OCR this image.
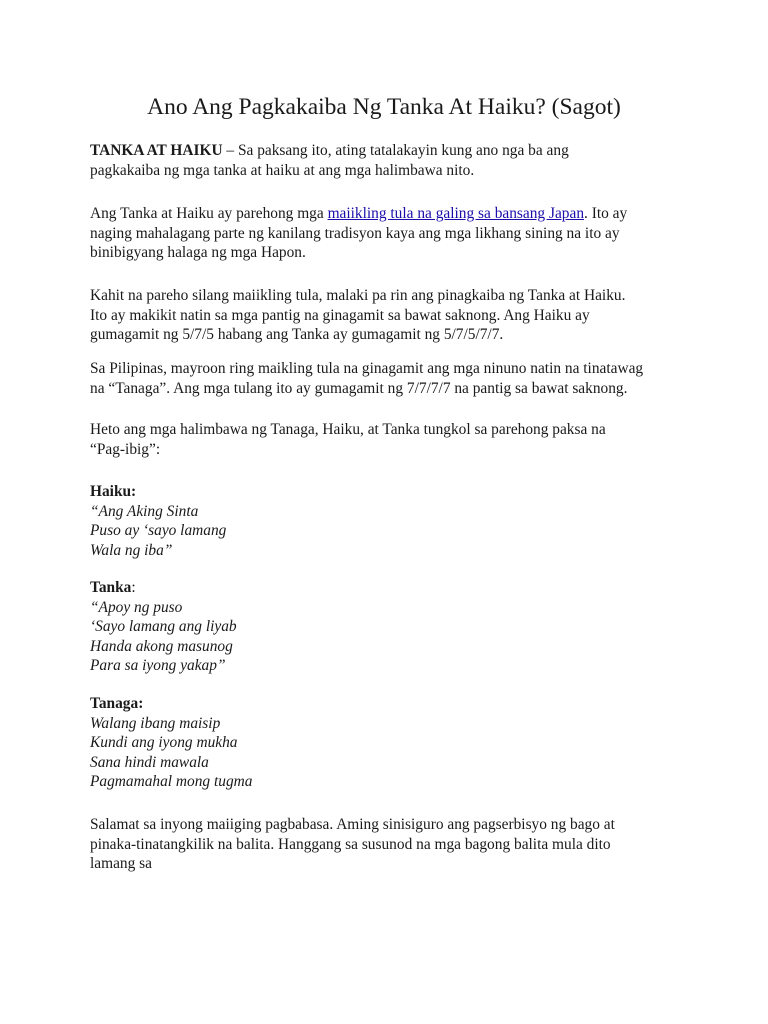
Ano Ang Pagkakaiba Ng Tanka At Haiku? (Sagot)

TANKA AT HAIKU – Sa paksang ito, ating tatalakayin kung ano nga ba ang
pagkakaiba ng mga tanka at haiku at ang mga halimbawa nito.

Ang Tanka at Haiku ay parehong mga maiikling tula na galing sa bansang Japan. Ito ay
naging mahalagang parte ng kanilang tradisyon kaya ang mga likhang sining na ito ay
binibigyang halaga ng mga Hapon.

Kahit na pareho silang maiikling tula, malaki pa rin ang pinagkaiba ng Tanka at Haiku.
Ito ay makikit natin sa mga pantig na ginagamit sa bawat saknong. Ang Haiku ay
gumagamit ng 5/7/5 habang ang Tanka ay gumagamit ng 5/7/5/7/7.

Sa Pilipinas, mayroon ring maikling tula na ginagamit ang mga ninuno natin na tinatawag
na “Tanaga”. Ang mga tulang ito ay gumagamit ng 7/7/7/7 na pantig sa bawat saknong.

Heto ang mga halimbawa ng Tanaga, Haiku, at Tanka tungkol sa parehong paksa na
“Pag-ibig”:

Haiku:
“Ang Aking Sinta
Puso ay ‘sayo lamang
Wala ng iba”
Tanka:
“Apoy ng puso
‘Sayo lamang ang liyab
Handa akong masunog
Para sa iyong yakap”
Tanaga:
Walang ibang maisip
Kundi ang iyong mukha
Sana hindi mawala
Pagmamahal mong tugma

Salamat sa inyong maiiging pagbabasa. Aming sinisiguro ang pagserbisyo ng bago at
pinaka-tinatangkilik na balita. Hanggang sa susunod na mga bagong balita mula dito
lamang sa
